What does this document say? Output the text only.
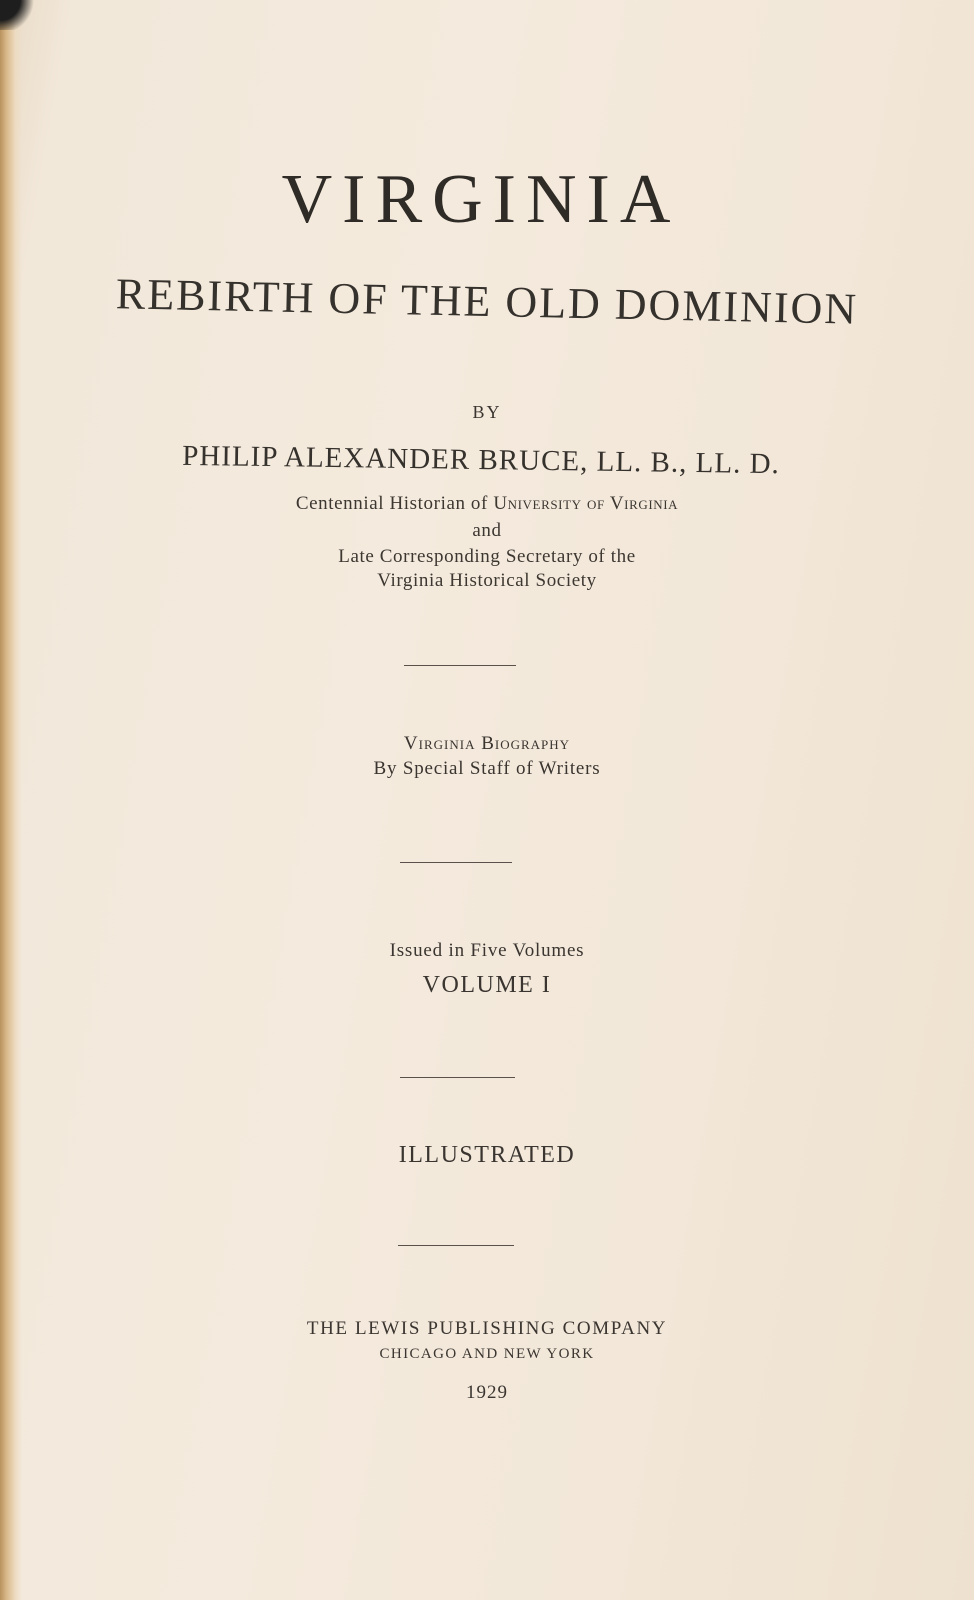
VIRGINIA
REBIRTH OF THE OLD DOMINION
BY
PHILIP ALEXANDER BRUCE, LL. B., LL. D.
Centennial Historian of University of Virginia
and
Late Corresponding Secretary of the
Virginia Historical Society
Virginia Biography
By Special Staff of Writers
Issued in Five Volumes
VOLUME I
ILLUSTRATED
THE LEWIS PUBLISHING COMPANY
CHICAGO AND NEW YORK
1929
